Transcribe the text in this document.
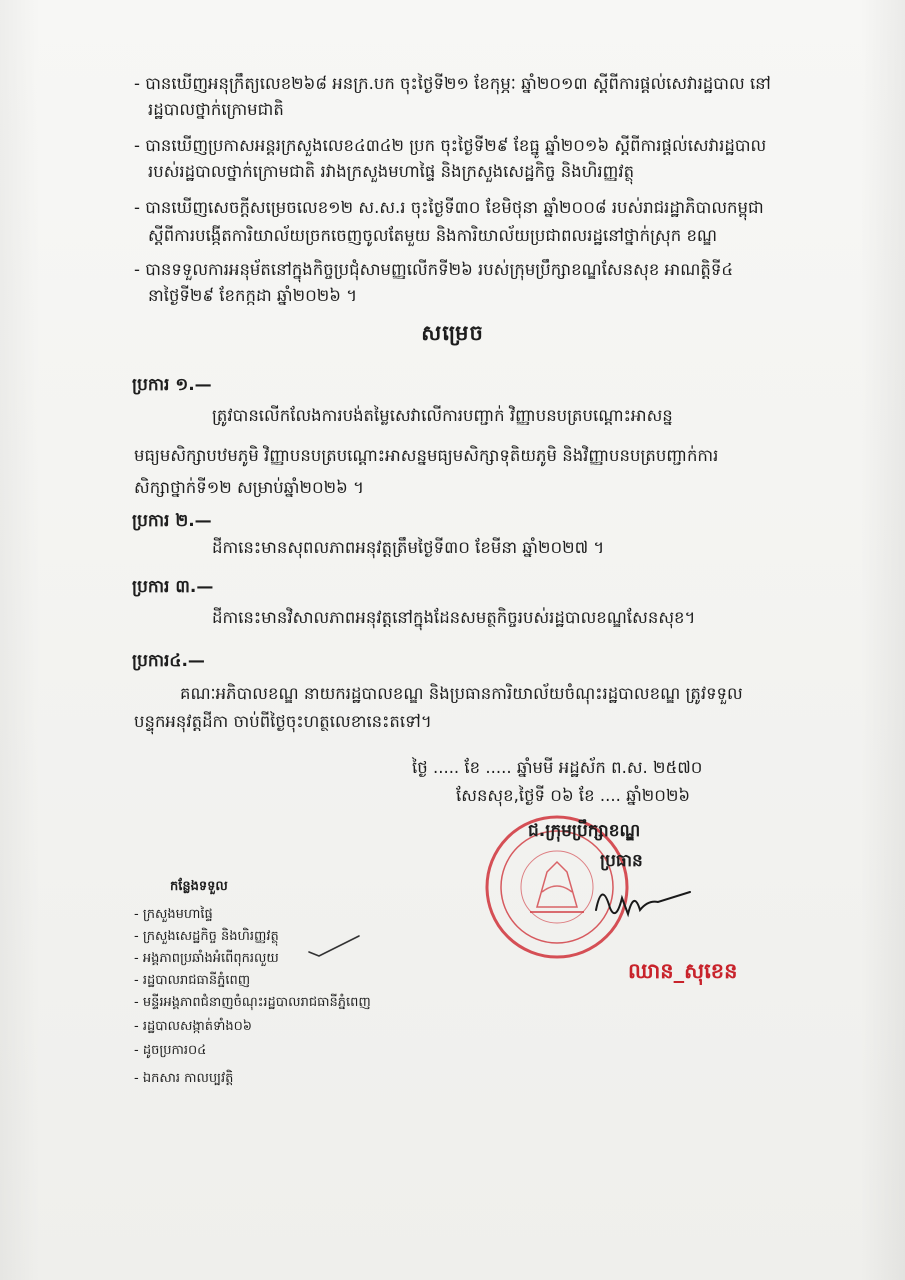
- បានឃើញអនុក្រឹត្យលេខ២៦៨ អនក្រ.បក ចុះថ្ងៃទី២១ ខែកុម្ភៈ ឆ្នាំ២០១៣ ស្ដីពីការផ្ដល់សេវារដ្ឋបាល នៅ
រដ្ឋបាលថ្នាក់ក្រោមជាតិ
- បានឃើញប្រកាសអន្តរក្រសួងលេខ៤៣៤២ ប្រក ចុះថ្ងៃទី២៩ ខែធ្នូ ឆ្នាំ២០១៦ ស្ដីពីការផ្ដល់សេវារដ្ឋបាល
របស់រដ្ឋបាលថ្នាក់ក្រោមជាតិ រវាងក្រសួងមហាផ្ទៃ និងក្រសួងសេដ្ឋកិច្ច និងហិរញ្ញវត្ថុ
- បានឃើញសេចក្ដីសម្រេចលេខ១២ ស.ស.រ ចុះថ្ងៃទី៣០ ខែមិថុនា ឆ្នាំ២០០៨ របស់រាជរដ្ឋាភិបាលកម្ពុជា
ស្ដីពីការបង្កើតការិយាល័យច្រកចេញចូលតែមួយ និងការិយាល័យប្រជាពលរដ្ឋនៅថ្នាក់ស្រុក ខណ្ឌ
- បានទទួលការអនុម័តនៅក្នុងកិច្ចប្រជុំសាមញ្ញលើកទី២៦ របស់ក្រុមប្រឹក្សាខណ្ឌសែនសុខ អាណត្តិទី៤
នាថ្ងៃទី២៩ ខែកក្កដា ឆ្នាំ២០២៦ ។
សម្រេច
ប្រការ ១.—
ត្រូវបានលើកលែងការបង់តម្លៃសេវាលើការបញ្ជាក់ វិញ្ញាបនបត្របណ្ដោះអាសន្ន
មធ្យមសិក្សាបឋមភូមិ វិញ្ញាបនបត្របណ្ដោះអាសន្នមធ្យមសិក្សាទុតិយភូមិ និងវិញ្ញាបនបត្របញ្ជាក់ការ
សិក្សាថ្នាក់ទី១២ សម្រាប់ឆ្នាំ២០២៦ ។
ប្រការ ២.—
ដីកានេះមានសុពលភាពអនុវត្តត្រឹមថ្ងៃទី៣០ ខែមីនា ឆ្នាំ២០២៧ ។
ប្រការ ៣.—
ដីកានេះមានវិសាលភាពអនុវត្តនៅក្នុងដែនសមត្ថកិច្ចរបស់រដ្ឋបាលខណ្ឌសែនសុខ។
ប្រការ៤.—
គណៈអភិបាលខណ្ឌ នាយករដ្ឋបាលខណ្ឌ និងប្រធានការិយាល័យចំណុះរដ្ឋបាលខណ្ឌ ត្រូវទទួល
បន្ទុកអនុវត្តដីកា ចាប់ពីថ្ងៃចុះហត្ថលេខានេះតទៅ។
ថ្ងៃ ..... ខែ ..... ឆ្នាំមមី អដ្ឋស័ក ព.ស. ២៥៧០
សែនសុខ,ថ្ងៃទី ០៦ ខែ .... ឆ្នាំ២០២៦
ជ.ក្រុមប្រឹក្សាខណ្ឌ
ប្រធាន
ឈាន_សុខេន
កន្លែងទទួល
- ក្រសួងមហាផ្ទៃ
- ក្រសួងសេដ្ឋកិច្ច និងហិរញ្ញវត្ថុ
- អង្គភាពប្រឆាំងអំពើពុករលួយ
- រដ្ឋបាលរាជធានីភ្នំពេញ
- មន្ទីរអង្គភាពជំនាញចំណុះរដ្ឋបាលរាជធានីភ្នំពេញ
- រដ្ឋបាលសង្កាត់ទាំង០៦
- ដូចប្រការ០៤
- ឯកសារ កាលប្បវត្តិ
